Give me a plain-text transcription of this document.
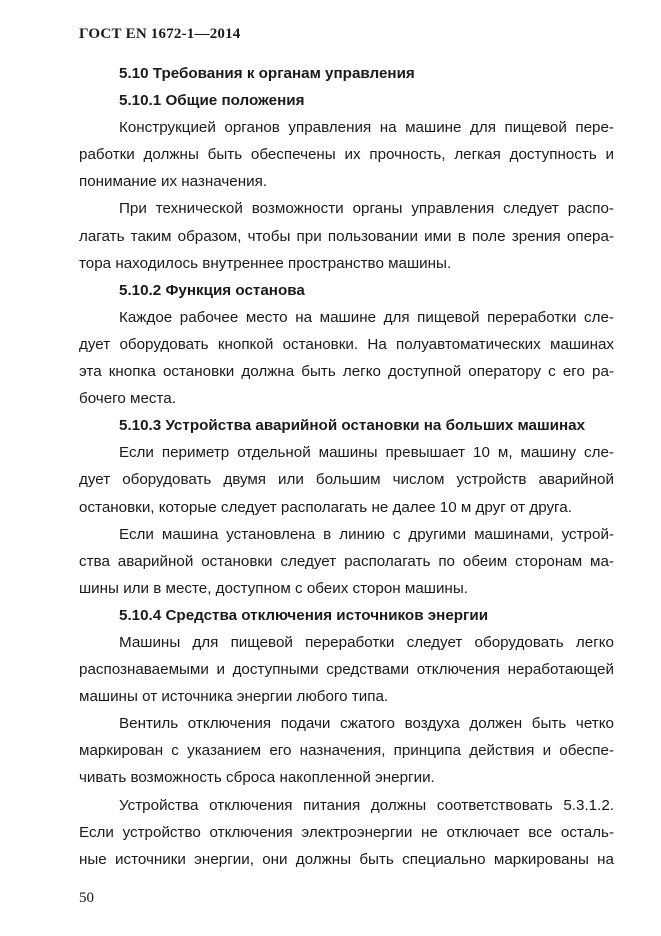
ГОСТ EN 1672-1—2014
5.10 Требования к органам управления
5.10.1 Общие положения
Конструкцией органов управления на машине для пищевой пере-
работки должны быть обеспечены их прочность, легкая доступность и
понимание их назначения.
При технической возможности органы управления следует распо-
лагать таким образом, чтобы при пользовании ими в поле зрения опера-
тора находилось внутреннее пространство машины.
5.10.2 Функция останова
Каждое рабочее место на машине для пищевой переработки сле-
дует оборудовать кнопкой остановки. На полуавтоматических машинах
эта кнопка остановки должна быть легко доступной оператору с его ра-
бочего места.
5.10.3 Устройства аварийной остановки на больших машинах
Если периметр отдельной машины превышает 10 м, машину сле-
дует оборудовать двумя или большим числом устройств аварийной
остановки, которые следует располагать не далее 10 м друг от друга.
Если машина установлена в линию с другими машинами, устрой-
ства аварийной остановки следует располагать по обеим сторонам ма-
шины или в месте, доступном с обеих сторон машины.
5.10.4 Средства отключения источников энергии
Машины для пищевой переработки следует оборудовать легко
распознаваемыми и доступными средствами отключения неработающей
машины от источника энергии любого типа.
Вентиль отключения подачи сжатого воздуха должен быть четко
маркирован с указанием его назначения, принципа действия и обеспе-
чивать возможность сброса накопленной энергии.
Устройства отключения питания должны соответствовать 5.3.1.2.
Если устройство отключения электроэнергии не отключает все осталь-
ные источники энергии, они должны быть специально маркированы на
50
